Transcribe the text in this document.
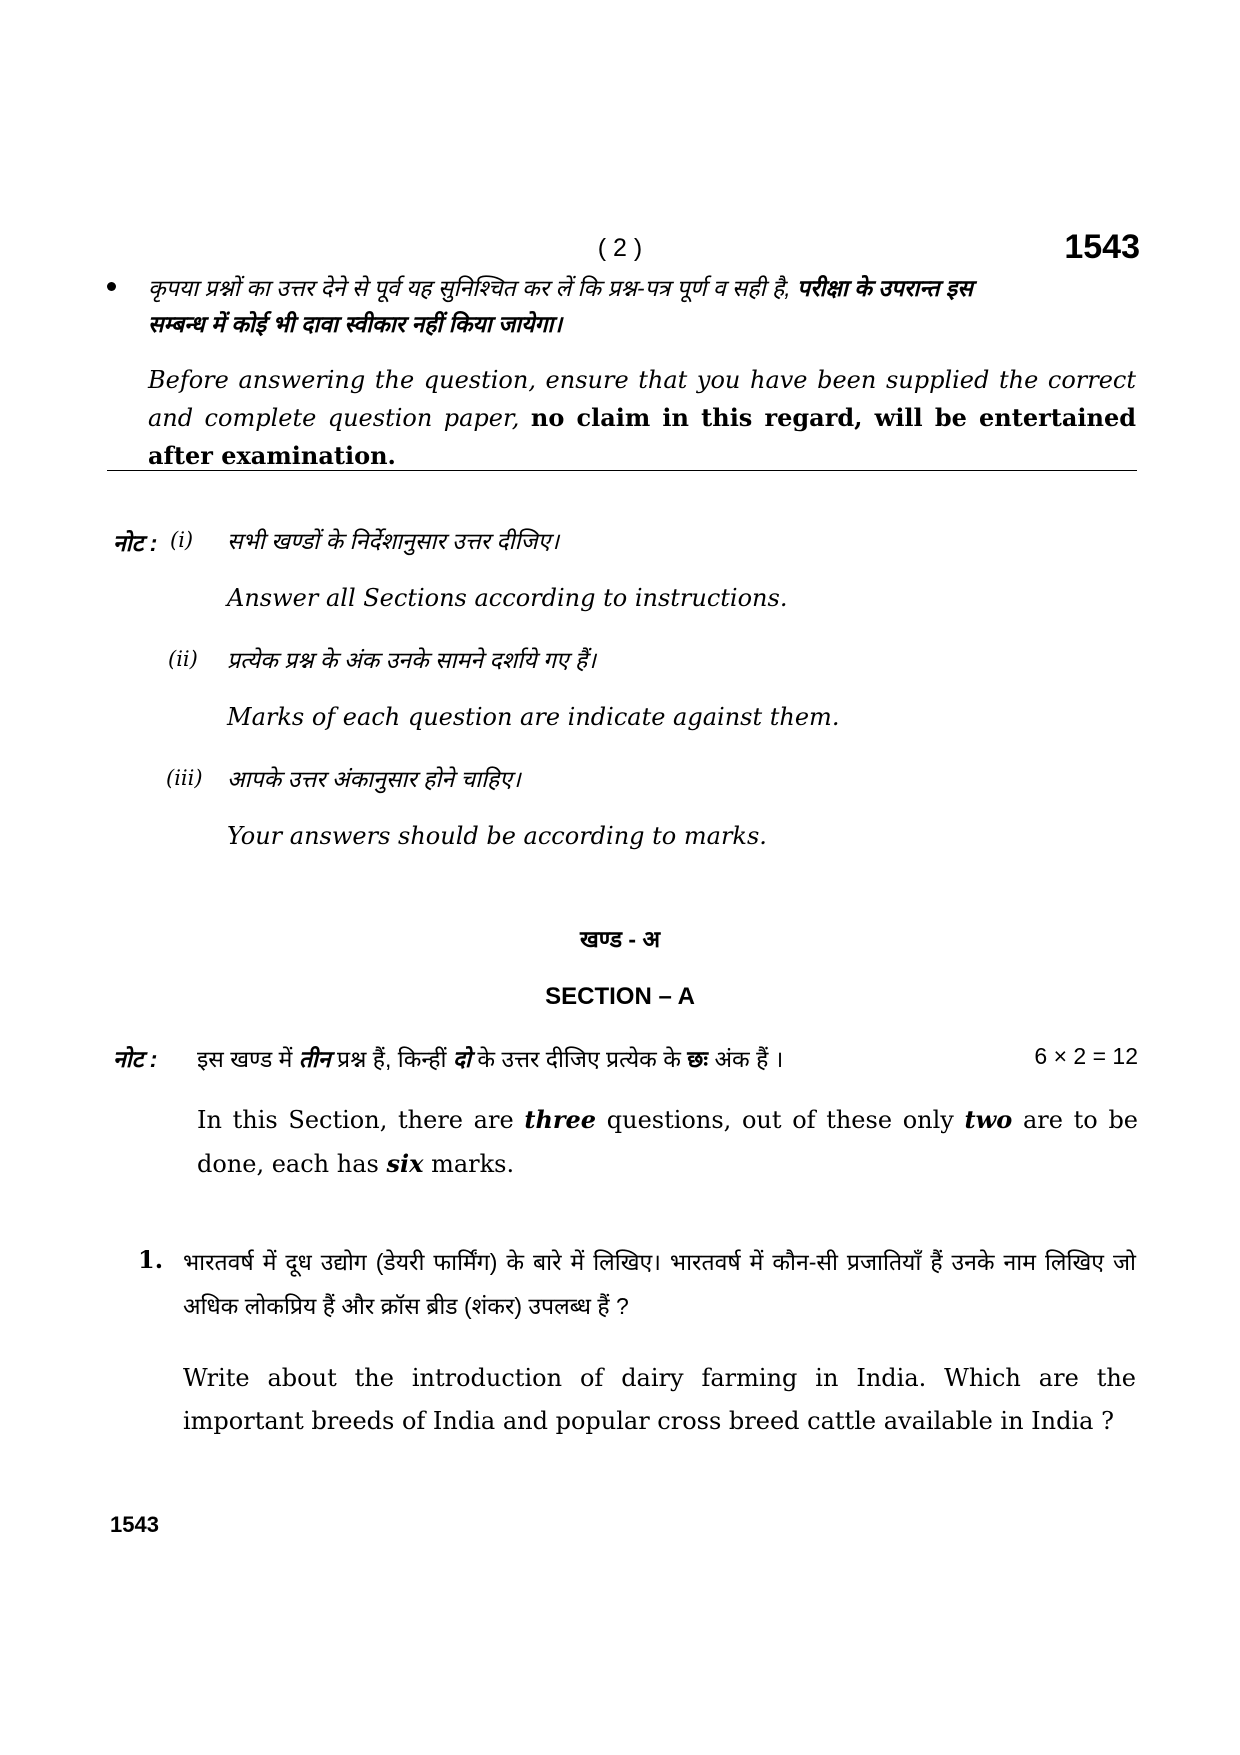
( 2 )	1543
कृपया प्रश्नों का उत्तर देने से पूर्व यह सुनिश्चित कर लें कि प्रश्न-पत्र पूर्ण व सही है, परीक्षा के उपरान्त इस
सम्बन्ध में कोई भी दावा स्वीकार नहीं किया जायेगा।
Before answering the question, ensure that you have been supplied the correct and complete question paper, no claim in this regard, will be entertained after examination.
नोट : (i) सभी खण्डों के निर्देशानुसार उत्तर दीजिए।
Answer all Sections according to instructions.
(ii) प्रत्येक प्रश्न के अंक उनके सामने दर्शाये गए हैं।
Marks of each question are indicate against them.
(iii) आपके उत्तर अंकानुसार होने चाहिए।
Your answers should be according to marks.
खण्ड - अ
SECTION – A
नोट : इस खण्ड में तीन प्रश्न हैं, किन्हीं दो के उत्तर दीजिए प्रत्येक के छः अंक हैं ।	6 × 2 = 12
In this Section, there are three questions, out of these only two are to be done, each has six marks.
1. भारतवर्ष में दूध उद्योग (डेयरी फार्मिंग) के बारे में लिखिए। भारतवर्ष में कौन-सी प्रजातियाँ हैं उनके नाम लिखिए जो अधिक लोकप्रिय हैं और क्रॉस ब्रीड (शंकर) उपलब्ध हैं ?
Write about the introduction of dairy farming in India. Which are the important breeds of India and popular cross breed cattle available in India ?
1543
